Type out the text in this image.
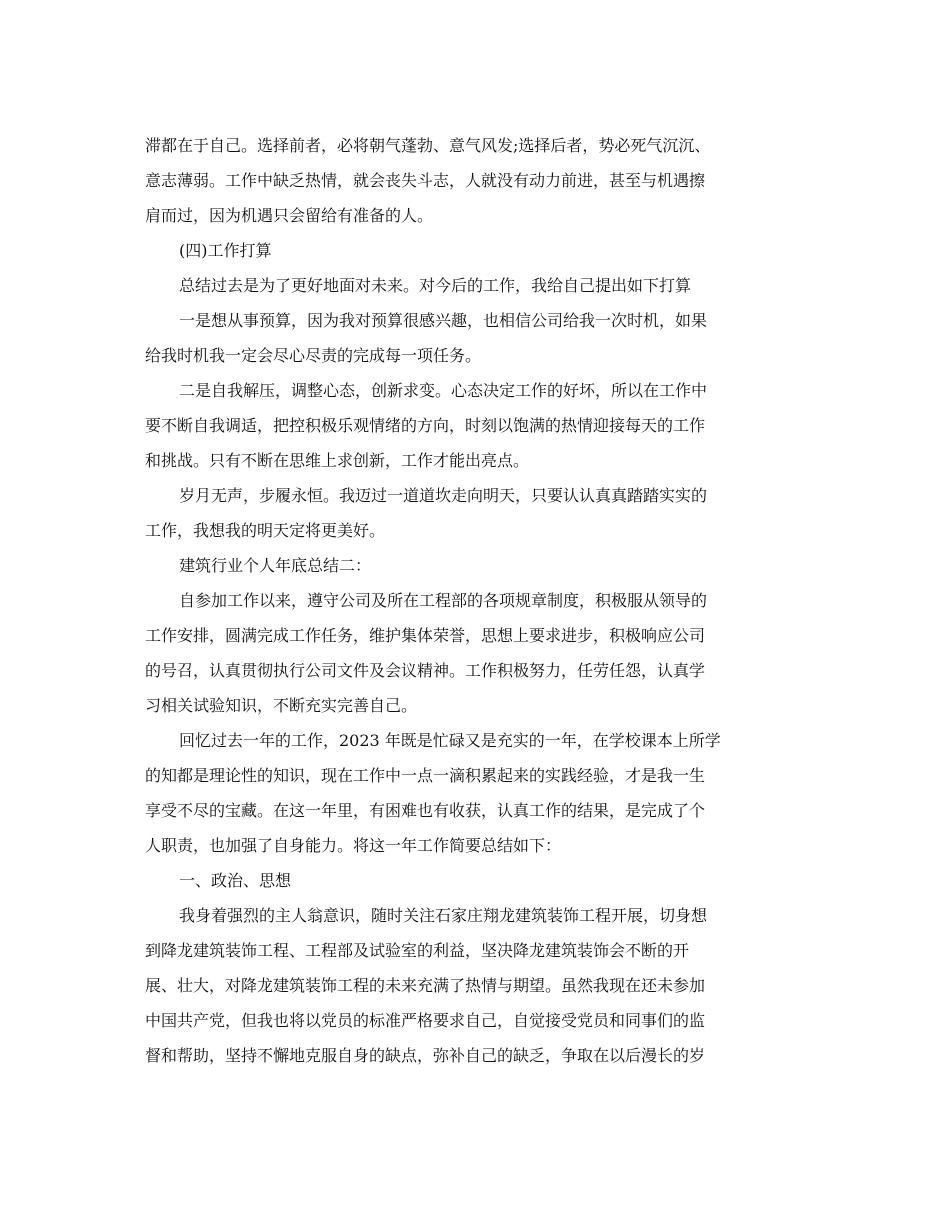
滞都在于自己。选择前者，必将朝气蓬勃、意气风发;选择后者，势必死气沉沉、
意志薄弱。工作中缺乏热情，就会丧失斗志，人就没有动力前进，甚至与机遇擦
肩而过，因为机遇只会留给有准备的人。
(四)工作打算
总结过去是为了更好地面对未来。对今后的工作，我给自己提出如下打算
一是想从事预算，因为我对预算很感兴趣，也相信公司给我一次时机，如果
给我时机我一定会尽心尽责的完成每一项任务。
二是自我解压，调整心态，创新求变。心态决定工作的好坏，所以在工作中
要不断自我调适，把控积极乐观情绪的方向，时刻以饱满的热情迎接每天的工作
和挑战。只有不断在思维上求创新，工作才能出亮点。
岁月无声，步履永恒。我迈过一道道坎走向明天，只要认认真真踏踏实实的
工作，我想我的明天定将更美好。
建筑行业个人年底总结二：
自参加工作以来，遵守公司及所在工程部的各项规章制度，积极服从领导的
工作安排，圆满完成工作任务，维护集体荣誉，思想上要求进步，积极响应公司
的号召，认真贯彻执行公司文件及会议精神。工作积极努力，任劳任怨，认真学
习相关试验知识，不断充实完善自己。
回忆过去一年的工作，2023 年既是忙碌又是充实的一年，在学校课本上所学
的知都是理论性的知识，现在工作中一点一滴积累起来的实践经验，才是我一生
享受不尽的宝藏。在这一年里，有困难也有收获，认真工作的结果，是完成了个
人职责，也加强了自身能力。将这一年工作简要总结如下：
一、政治、思想
我身着强烈的主人翁意识，随时关注石家庄翔龙建筑装饰工程开展，切身想
到降龙建筑装饰工程、工程部及试验室的利益，坚决降龙建筑装饰会不断的开
展、壮大，对降龙建筑装饰工程的未来充满了热情与期望。虽然我现在还未参加
中国共产党，但我也将以党员的标准严格要求自己，自觉接受党员和同事们的监
督和帮助，坚持不懈地克服自身的缺点，弥补自己的缺乏，争取在以后漫长的岁
